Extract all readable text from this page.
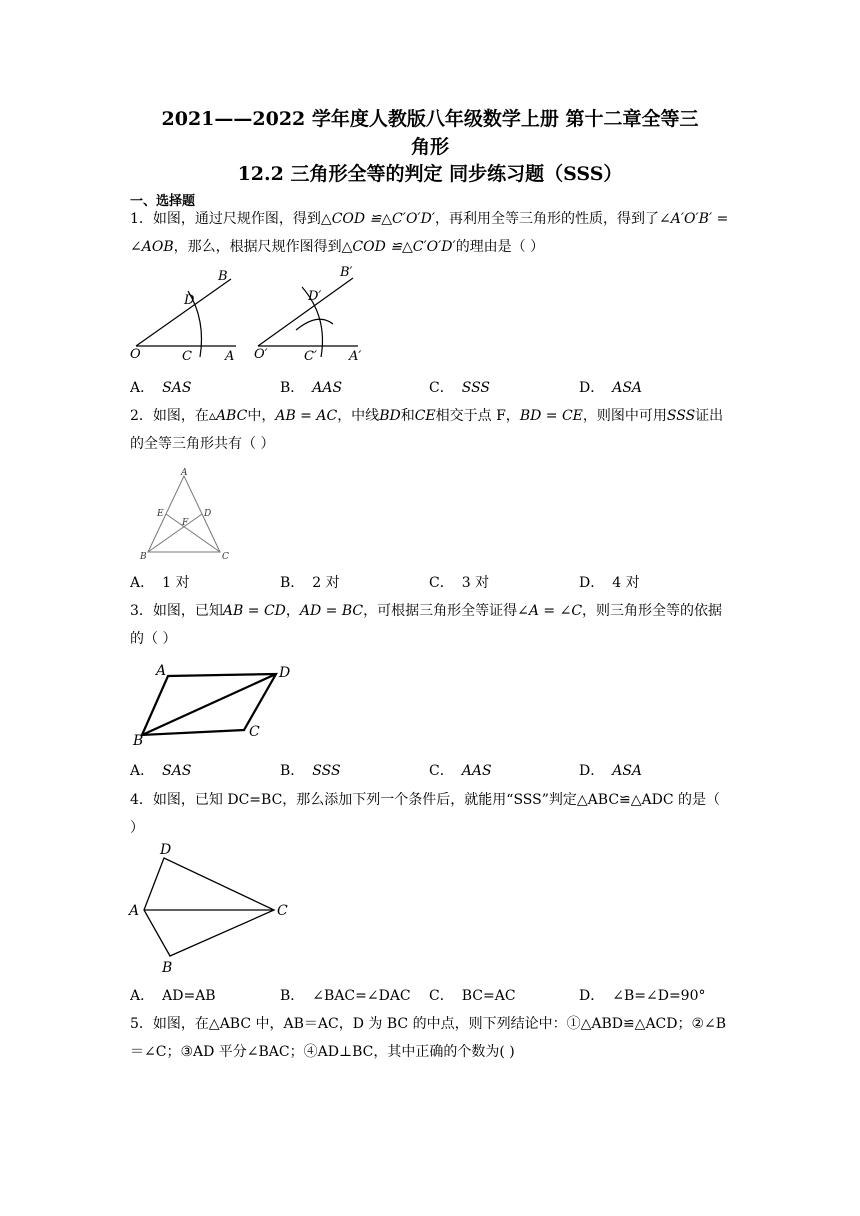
2021——2022 学年度人教版八年级数学上册 第十二章全等三
角形
12.2 三角形全等的判定 同步练习题（SSS）
一、选择题
1．如图，通过尺规作图，得到△COD ≌△C′O′D′，再利用全等三角形的性质，得到了∠A′O′B′ = ∠AOB，那么，根据尺规作图得到△COD ≌△C′O′D′的理由是（ ）
B
D
O	C	A
B′
D′
O′	C′ A′
A． SAS	B． AAS	C． SSS	D． ASA
2．如图，在▵ABC中，AB = AC，中线BD和CE相交于点 F，BD = CE，则图中可用SSS证出的全等三角形共有（ ）
A
B	C
D
E
F
A． 1 对	B． 2 对	C． 3 对	D． 4 对
3．如图，已知AB = CD，AD = BC，可根据三角形全等证得∠A = ∠C，则三角形全等的依据的（ ）
A	D
C
B
A． SAS	B． SSS	C． AAS	D． ASA
4．如图，已知 DC=BC，那么添加下列一个条件后，就能用“SSS”判定△ABC≌△ADC 的是（ ）
D
A	C
B
A． AD=AB	B． ∠BAC=∠DAC C． BC=AC	D． ∠B=∠D=90°
5．如图，在△ABC 中，AB＝AC，D 为 BC 的中点，则下列结论中：①△ABD≌△ACD；②∠B＝∠C；③AD 平分∠BAC；④AD⊥BC，其中正确的个数为( )
